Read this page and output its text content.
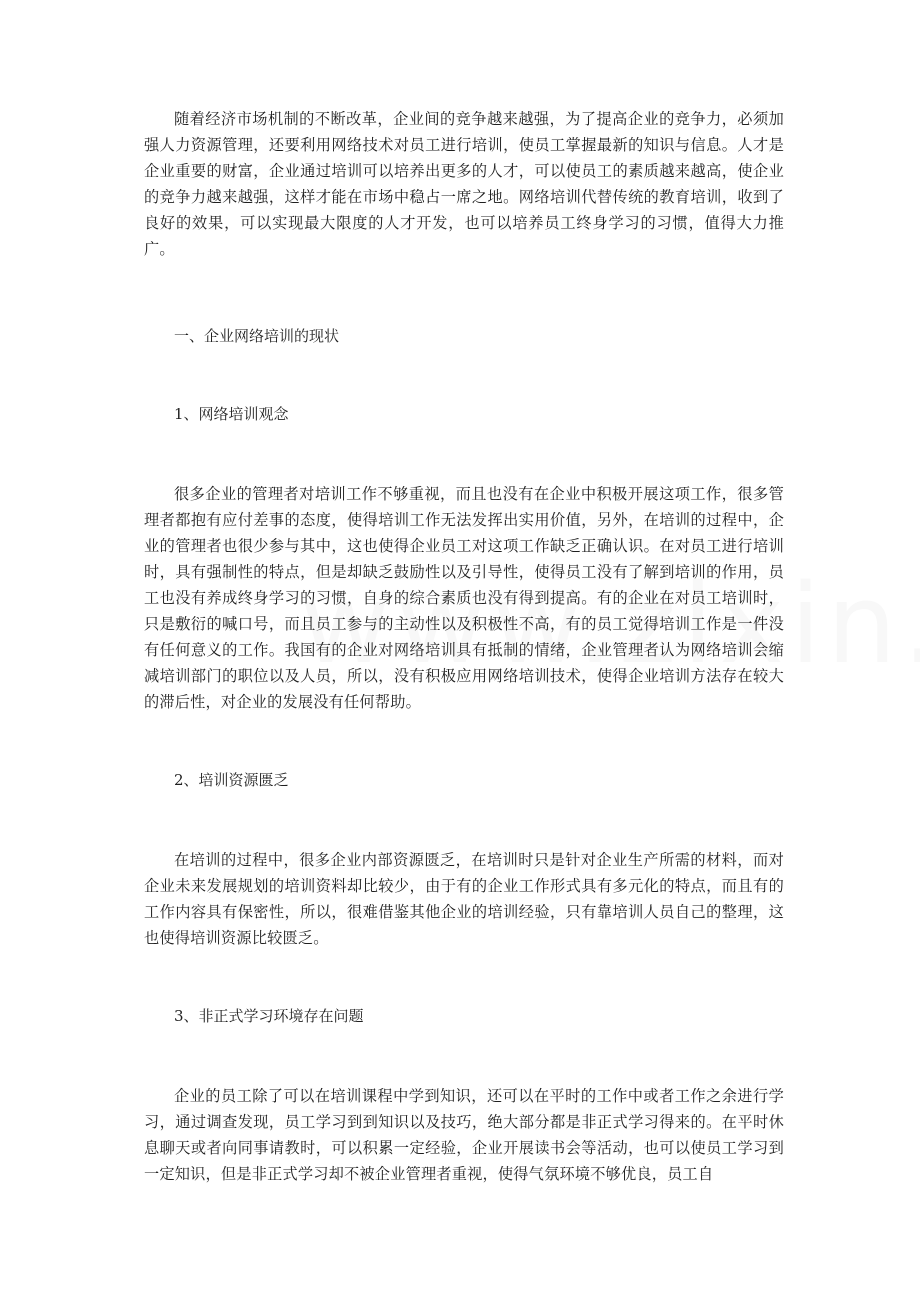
随着经济市场机制的不断改革，企业间的竞争越来越强，为了提高企业的竞争力，必须加强人力资源管理，还要利用网络技术对员工进行培训，使员工掌握最新的知识与信息。人才是企业重要的财富，企业通过培训可以培养出更多的人才，可以使员工的素质越来越高，使企业的竞争力越来越强，这样才能在市场中稳占一席之地。网络培训代替传统的教育培训，收到了良好的效果，可以实现最大限度的人才开发，也可以培养员工终身学习的习惯，值得大力推广。

一、企业网络培训的现状

1、网络培训观念

很多企业的管理者对培训工作不够重视，而且也没有在企业中积极开展这项工作，很多管理者都抱有应付差事的态度，使得培训工作无法发挥出实用价值，另外，在培训的过程中，企业的管理者也很少参与其中，这也使得企业员工对这项工作缺乏正确认识。在对员工进行培训时，具有强制性的特点，但是却缺乏鼓励性以及引导性，使得员工没有了解到培训的作用，员工也没有养成终身学习的习惯，自身的综合素质也没有得到提高。有的企业在对员工培训时，只是敷衍的喊口号，而且员工参与的主动性以及积极性不高，有的员工觉得培训工作是一件没有任何意义的工作。我国有的企业对网络培训具有抵制的情绪，企业管理者认为网络培训会缩减培训部门的职位以及人员，所以，没有积极应用网络培训技术，使得企业培训方法存在较大的滞后性，对企业的发展没有任何帮助。

2、培训资源匮乏

在培训的过程中，很多企业内部资源匮乏，在培训时只是针对企业生产所需的材料，而对企业未来发展规划的培训资料却比较少，由于有的企业工作形式具有多元化的特点，而且有的工作内容具有保密性，所以，很难借鉴其他企业的培训经验，只有靠培训人员自己的整理，这也使得培训资源比较匮乏。

3、非正式学习环境存在问题

企业的员工除了可以在培训课程中学到知识，还可以在平时的工作中或者工作之余进行学习，通过调查发现，员工学习到到知识以及技巧，绝大部分都是非正式学习得来的。在平时休息聊天或者向同事请教时，可以积累一定经验，企业开展读书会等活动，也可以使员工学习到一定知识，但是非正式学习却不被企业管理者重视，使得气氛环境不够优良，员工自
